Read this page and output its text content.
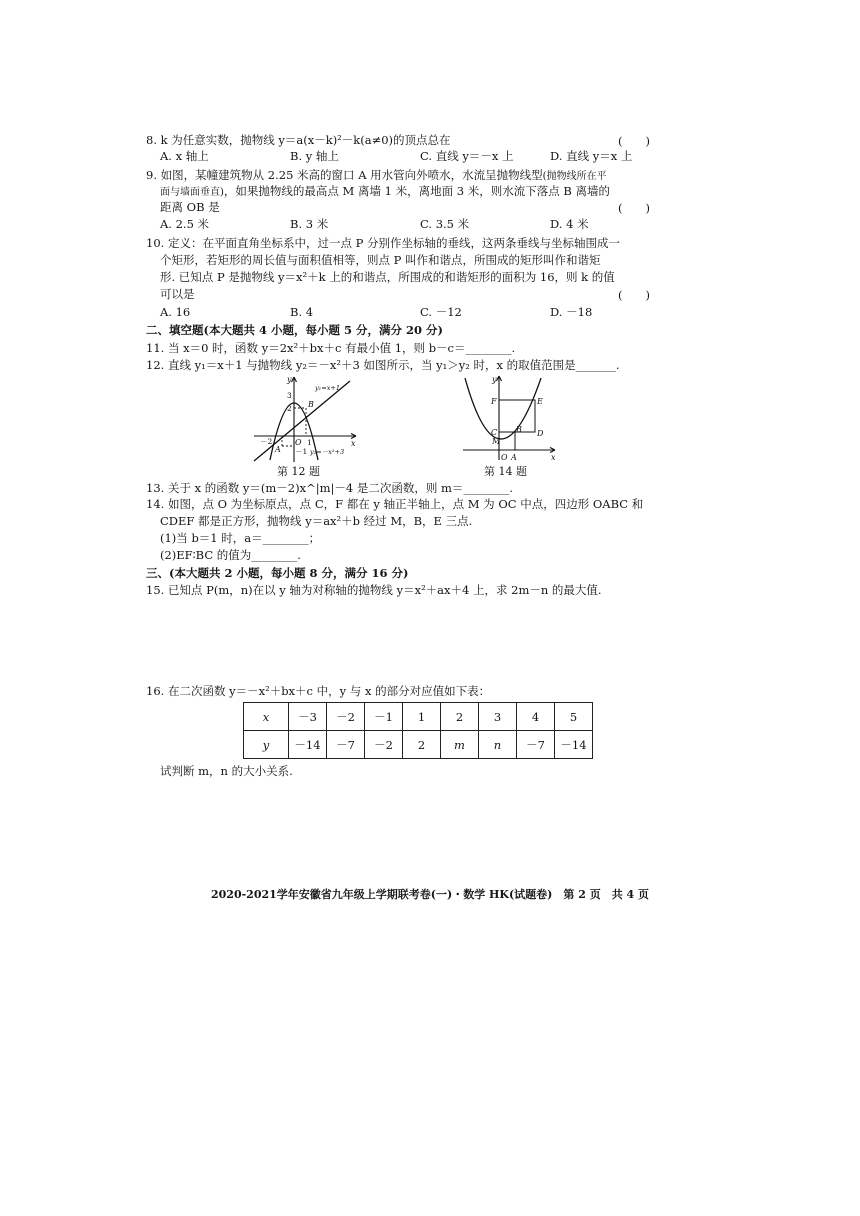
8. k 为任意实数，抛物线 y＝a(x－k)²－k(a≠0)的顶点总在	(　　)
A. x 轴上	B. y 轴上	C. 直线 y＝－x 上	D. 直线 y＝x 上
9. 如图，某幢建筑物从 2.25 米高的窗口 A 用水管向外喷水，水流呈抛物线型(抛物线所在平
面与墙面垂直)，如果抛物线的最高点 M 离墙 1 米，离地面 3 米，则水流下落点 B 离墙的
距离 OB 是	(　　)
A. 2.5 米	B. 3 米	C. 3.5 米	D. 4 米
10. 定义：在平面直角坐标系中，过一点 P 分别作坐标轴的垂线，这两条垂线与坐标轴围成一
个矩形，若矩形的周长值与面积值相等，则点 P 叫作和谐点，所围成的矩形叫作和谐矩
形. 已知点 P 是抛物线 y＝x²＋k 上的和谐点，所围成的和谐矩形的面积为 16，则 k 的值
可以是	(　　)
A. 16	B. 4	C. －12	D. －18
二、填空题(本大题共 4 小题，每小题 5 分，满分 20 分)
11. 当 x＝0 时，函数 y＝2x²＋bx＋c 有最小值 1，则 b－c＝________.
12. 直线 y₁＝x＋1 与抛物线 y₂＝－x²＋3 如图所示，当 y₁＞y₂ 时，x 的取值范围是_______.
y
x
O
B
A
y₁=x+1
y₂=－x²+3
－2
－1
1
2
3
第 12 题
y
x
O A
B
C	D
E
F
M
第 14 题
13. 关于 x 的函数 y＝(m－2)x^|m|－4 是二次函数，则 m＝________.
14. 如图，点 O 为坐标原点，点 C，F 都在 y 轴正半轴上，点 M 为 OC 中点，四边形 OABC 和
CDEF 都是正方形，抛物线 y＝ax²＋b 经过 M，B，E 三点.
(1)当 b＝1 时，a＝________；
(2)EF∶BC 的值为________.
三、(本大题共 2 小题，每小题 8 分，满分 16 分)
15. 已知点 P(m，n)在以 y 轴为对称轴的抛物线 y＝x²＋ax＋4 上，求 2m－n 的最大值.
16. 在二次函数 y＝－x²＋bx＋c 中，y 与 x 的部分对应值如下表：
x	－3	－2	－1	1	2	3	4	5
y	－14	－7	－2	2	m	n	－7	－14
试判断 m，n 的大小关系.
2020-2021学年安徽省九年级上学期联考卷(一)・数学 HK(试题卷)　第 2 页　共 4 页
